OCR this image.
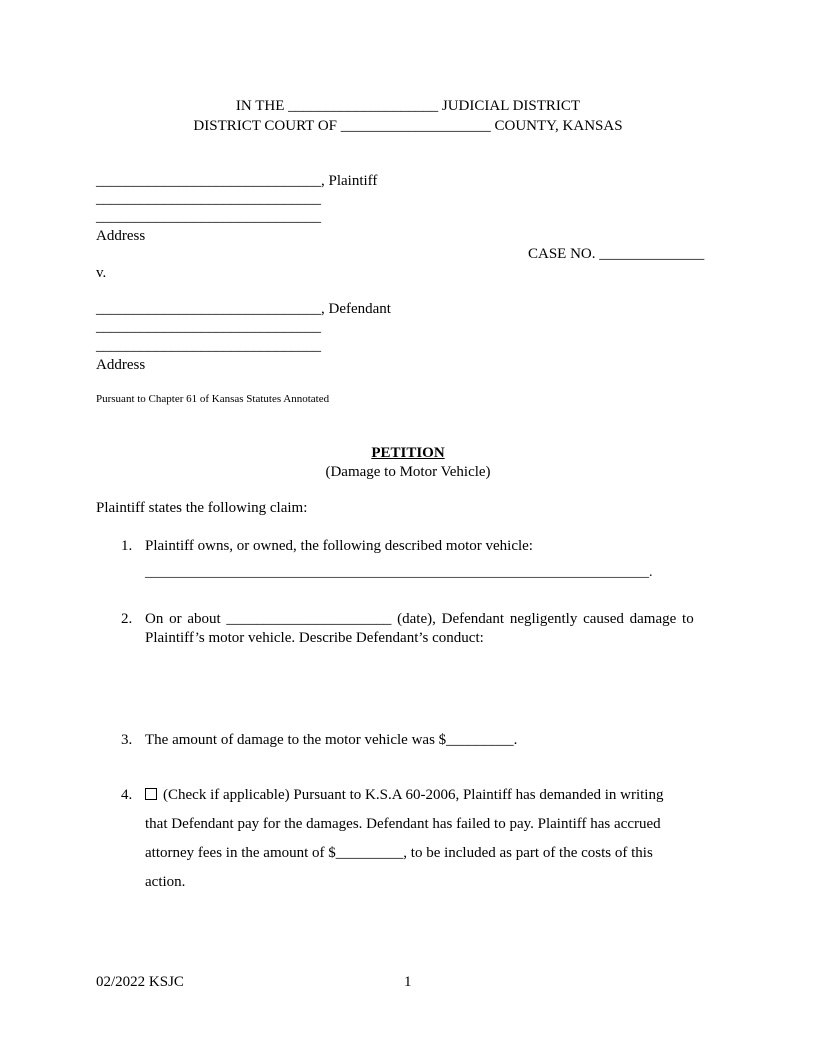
IN THE ____________________ JUDICIAL DISTRICT
DISTRICT COURT OF ____________________ COUNTY, KANSAS
______________________________, Plaintiff
______________________________
______________________________
Address
CASE NO. ______________
v.
______________________________, Defendant
______________________________
______________________________
Address
Pursuant to Chapter 61 of Kansas Statutes Annotated
PETITION
(Damage to Motor Vehicle)
Plaintiff states the following claim:
1. Plaintiff owns, or owned, the following described motor vehicle:
________________________________________________________________________.
2. On or about ______________________ (date), Defendant negligently caused damage to
Plaintiff’s motor vehicle. Describe Defendant’s conduct:
3. The amount of damage to the motor vehicle was $_________.
4.	(Check if applicable) Pursuant to K.S.A 60-2006, Plaintiff has demanded in writing
that Defendant pay for the damages. Defendant has failed to pay. Plaintiff has accrued
attorney fees in the amount of $_________, to be included as part of the costs of this
action.
02/2022 KSJC	1
